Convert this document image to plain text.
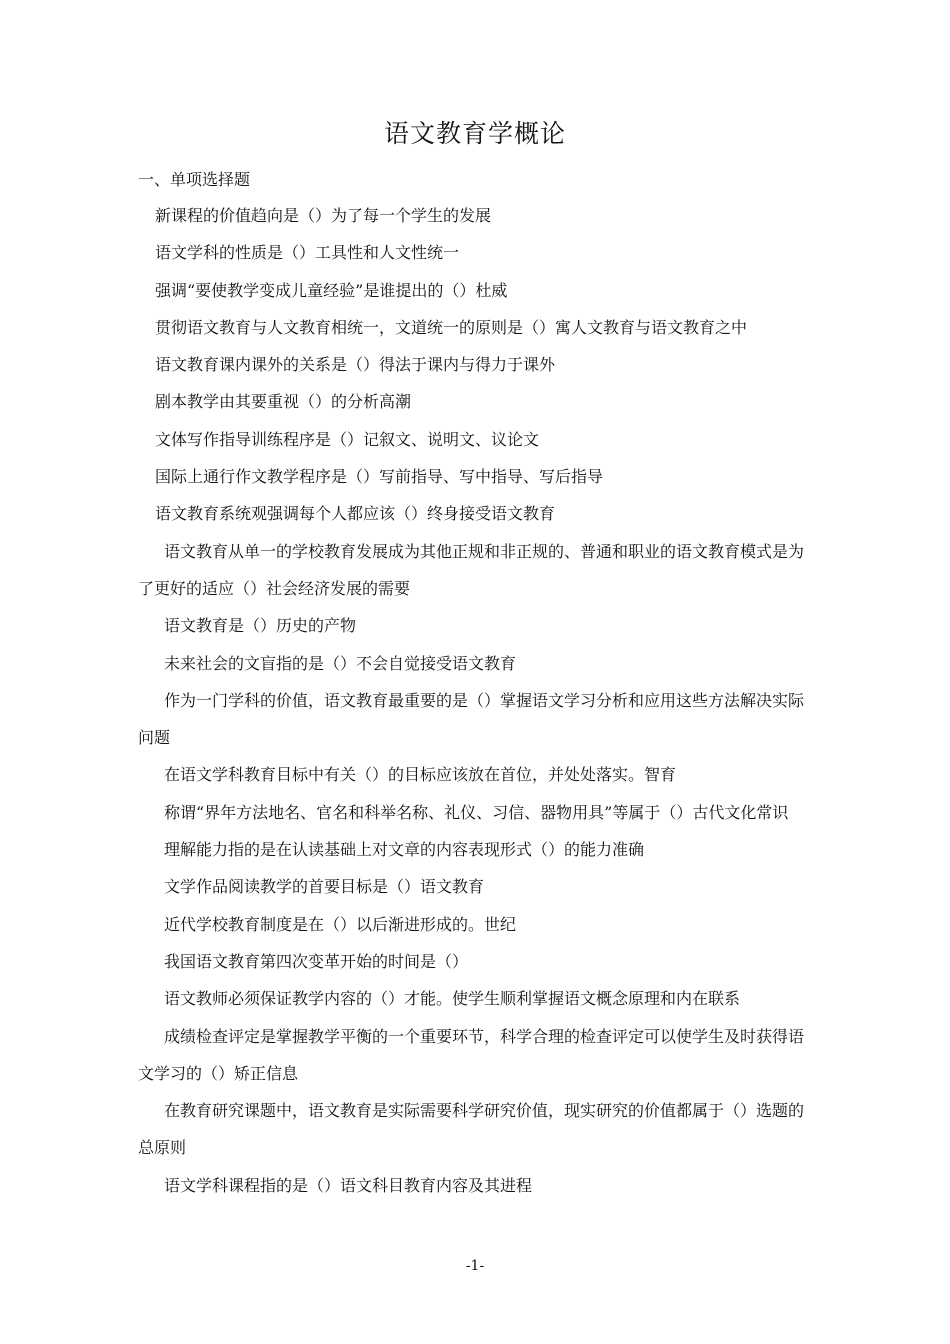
语文教育学概论
一、单项选择题

新课程的价值趋向是（）为了每一个学生的发展

语文学科的性质是（）工具性和人文性统一

强调“要使教学变成儿童经验”是谁提出的（）杜威

贯彻语文教育与人文教育相统一，文道统一的原则是（）寓人文教育与语文教育之中

语文教育课内课外的关系是（）得法于课内与得力于课外

剧本教学由其要重视（）的分析高潮

文体写作指导训练程序是（）记叙文、说明文、议论文

国际上通行作文教学程序是（）写前指导、写中指导、写后指导

语文教育系统观强调每个人都应该（）终身接受语文教育

语文教育从单一的学校教育发展成为其他正规和非正规的、普通和职业的语文教育模式是为了更好的适应（）社会经济发展的需要

语文教育是（）历史的产物

未来社会的文盲指的是（）不会自觉接受语文教育

作为一门学科的价值，语文教育最重要的是（）掌握语文学习分析和应用这些方法解决实际问题

在语文学科教育目标中有关（）的目标应该放在首位，并处处落实。智育

称谓“界年方法地名、官名和科举名称、礼仪、习信、器物用具”等属于（）古代文化常识

理解能力指的是在认读基础上对文章的内容表现形式（）的能力准确

文学作品阅读教学的首要目标是（）语文教育

近代学校教育制度是在（）以后渐进形成的。世纪

我国语文教育第四次变革开始的时间是（）

语文教师必须保证教学内容的（）才能。使学生顺利掌握语文概念原理和内在联系

成绩检查评定是掌握教学平衡的一个重要环节，科学合理的检查评定可以使学生及时获得语文学习的（）矫正信息

在教育研究课题中，语文教育是实际需要科学研究价值，现实研究的价值都属于（）选题的总原则

语文学科课程指的是（）语文科目教育内容及其进程

-1-
